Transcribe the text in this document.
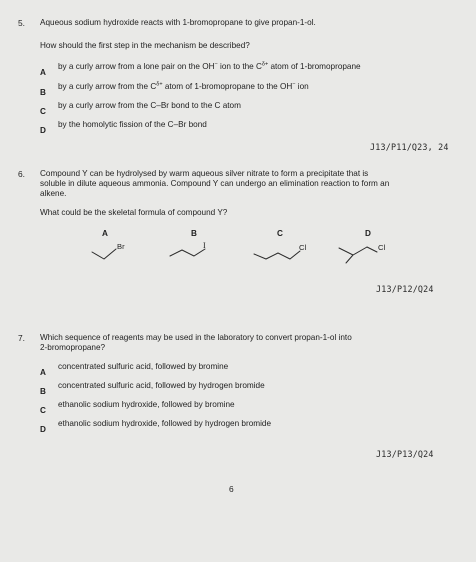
5. Aqueous sodium hydroxide reacts with 1-bromopropane to give propan-1-ol.
How should the first step in the mechanism be described?
A
by a curly arrow from a lone pair on the OH− ion to the $C^{\delta+}$ atom of 1-bromopropane
B
by a curly arrow from the $C^{\delta+}$ atom of 1-bromopropane to the OH− ion
C
by a curly arrow from the C–Br bond to the C atom
D
by the homolytic fission of the C–Br bond
J13/P11/Q23, 24
6. Compound Y can be hydrolysed by warm aqueous silver nitrate to form a precipitate that is
soluble in dilute aqueous ammonia. Compound Y can undergo an elimination reaction to form an
alkene.
What could be the skeletal formula of compound Y?
A	B	C	D
Br	I	Cl	Cl
J13/P12/Q24
7. Which sequence of reagents may be used in the laboratory to convert propan-1-ol into
2-bromopropane?
A
concentrated sulfuric acid, followed by bromine
B
concentrated sulfuric acid, followed by hydrogen bromide
C
ethanolic sodium hydroxide, followed by bromine
D
ethanolic sodium hydroxide, followed by hydrogen bromide
J13/P13/Q24
6
